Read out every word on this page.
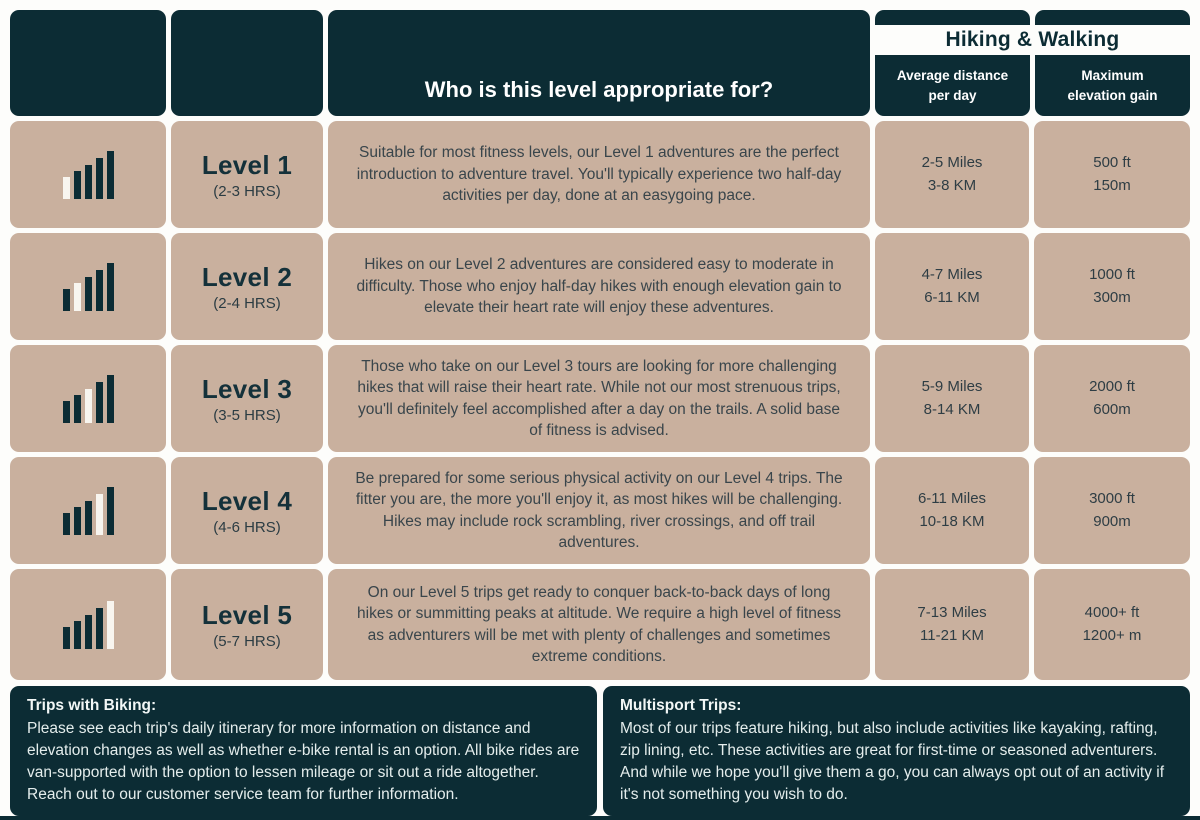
Who is this level appropriate for?
Hiking & Walking
Average distance
per day
Maximum
elevation gain
Level 1
(2-3 HRS)

Suitable for most fitness levels, our Level 1 adventures are the perfect introduction to adventure travel. You'll typically experience two half-day activities per day, done at an easygoing pace.

2-5 Miles
3-8 KM
500 ft
150m
Level 2
(2-4 HRS)

Hikes on our Level 2 adventures are considered easy to moderate in difficulty. Those who enjoy half-day hikes with enough elevation gain to elevate their heart rate will enjoy these adventures.

4-7 Miles
6-11 KM
1000 ft
300m
Level 3
(3-5 HRS)

Those who take on our Level 3 tours are looking for more challenging hikes that will raise their heart rate. While not our most strenuous trips, you'll definitely feel accomplished after a day on the trails. A solid base of fitness is advised.

5-9 Miles
8-14 KM
2000 ft
600m
Level 4
(4-6 HRS)

Be prepared for some serious physical activity on our Level 4 trips. The fitter you are, the more you'll enjoy it, as most hikes will be challenging. Hikes may include rock scrambling, river crossings, and off trail adventures.

6-11 Miles
10-18 KM
3000 ft
900m
Level 5
(5-7 HRS)

On our Level 5 trips get ready to conquer back-to-back days of long hikes or summitting peaks at altitude. We require a high level of fitness as adventurers will be met with plenty of challenges and sometimes extreme conditions.

7-13 Miles
11-21 KM
4000+ ft
1200+ m
Trips with Biking:
Please see each trip's daily itinerary for more information on distance and elevation changes as well as whether e-bike rental is an option. All bike rides are van-supported with the option to lessen mileage or sit out a ride altogether. Reach out to our customer service team for further information.
Multisport Trips:
Most of our trips feature hiking, but also include activities like kayaking, rafting, zip lining, etc. These activities are great for first-time or seasoned adventurers. And while we hope you'll give them a go, you can always opt out of an activity if it's not something you wish to do.
